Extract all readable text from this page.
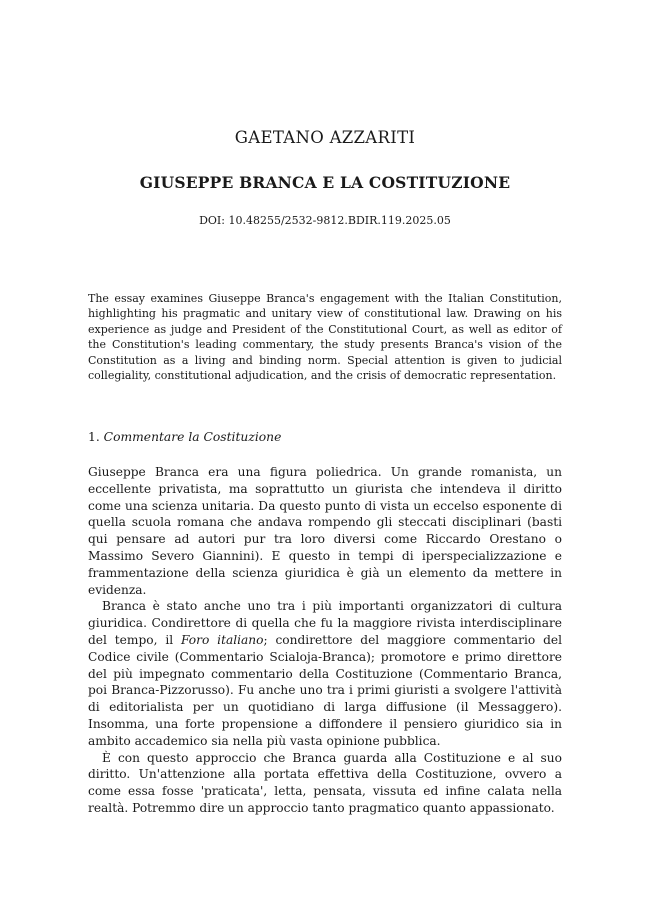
GAETANO AZZARITI
GIUSEPPE BRANCA E LA COSTITUZIONE
DOI: 10.48255/2532-9812.BDIR.119.2025.05

The essay examines Giuseppe Branca's engagement with the Italian Constitution, highlighting his pragmatic and unitary view of constitutional law. Drawing on his experience as judge and President of the Constitutional Court, as well as editor of the Constitution's leading commentary, the study presents Branca's vision of the Constitution as a living and binding norm. Special attention is given to judicial collegiality, constitutional adjudication, and the crisis of democratic representation.

1. Commentare la Costituzione

Giuseppe Branca era una figura poliedrica. Un grande romanista, un eccellente privatista, ma soprattutto un giurista che intendeva il diritto come una scienza unitaria. Da questo punto di vista un eccelso esponente di quella scuola romana che andava rompendo gli steccati disciplinari (basti qui pensare ad autori pur tra loro diversi come Riccardo Orestano o Massimo Severo Giannini). E questo in tempi di iperspecializzazione e frammentazione della scienza giuridica è già un elemento da mettere in evidenza.

Branca è stato anche uno tra i più importanti organizzatori di cultura giuridica. Condirettore di quella che fu la maggiore rivista interdisciplinare del tempo, il Foro italiano; condirettore del maggiore commentario del Codice civile (Commentario Scialoja-Branca); promotore e primo direttore del più impegnato commentario della Costituzione (Commentario Branca, poi Branca-Pizzorusso). Fu anche uno tra i primi giuristi a svolgere l'attività di editorialista per un quotidiano di larga diffusione (il Messaggero). Insomma, una forte propensione a diffondere il pensiero giuridico sia in ambito accademico sia nella più vasta opinione pubblica.

È con questo approccio che Branca guarda alla Costituzione e al suo diritto. Un'attenzione alla portata effettiva della Costituzione, ovvero a come essa fosse 'praticata', letta, pensata, vissuta ed infine calata nella realtà. Potremmo dire un approccio tanto pragmatico quanto appassionato.
